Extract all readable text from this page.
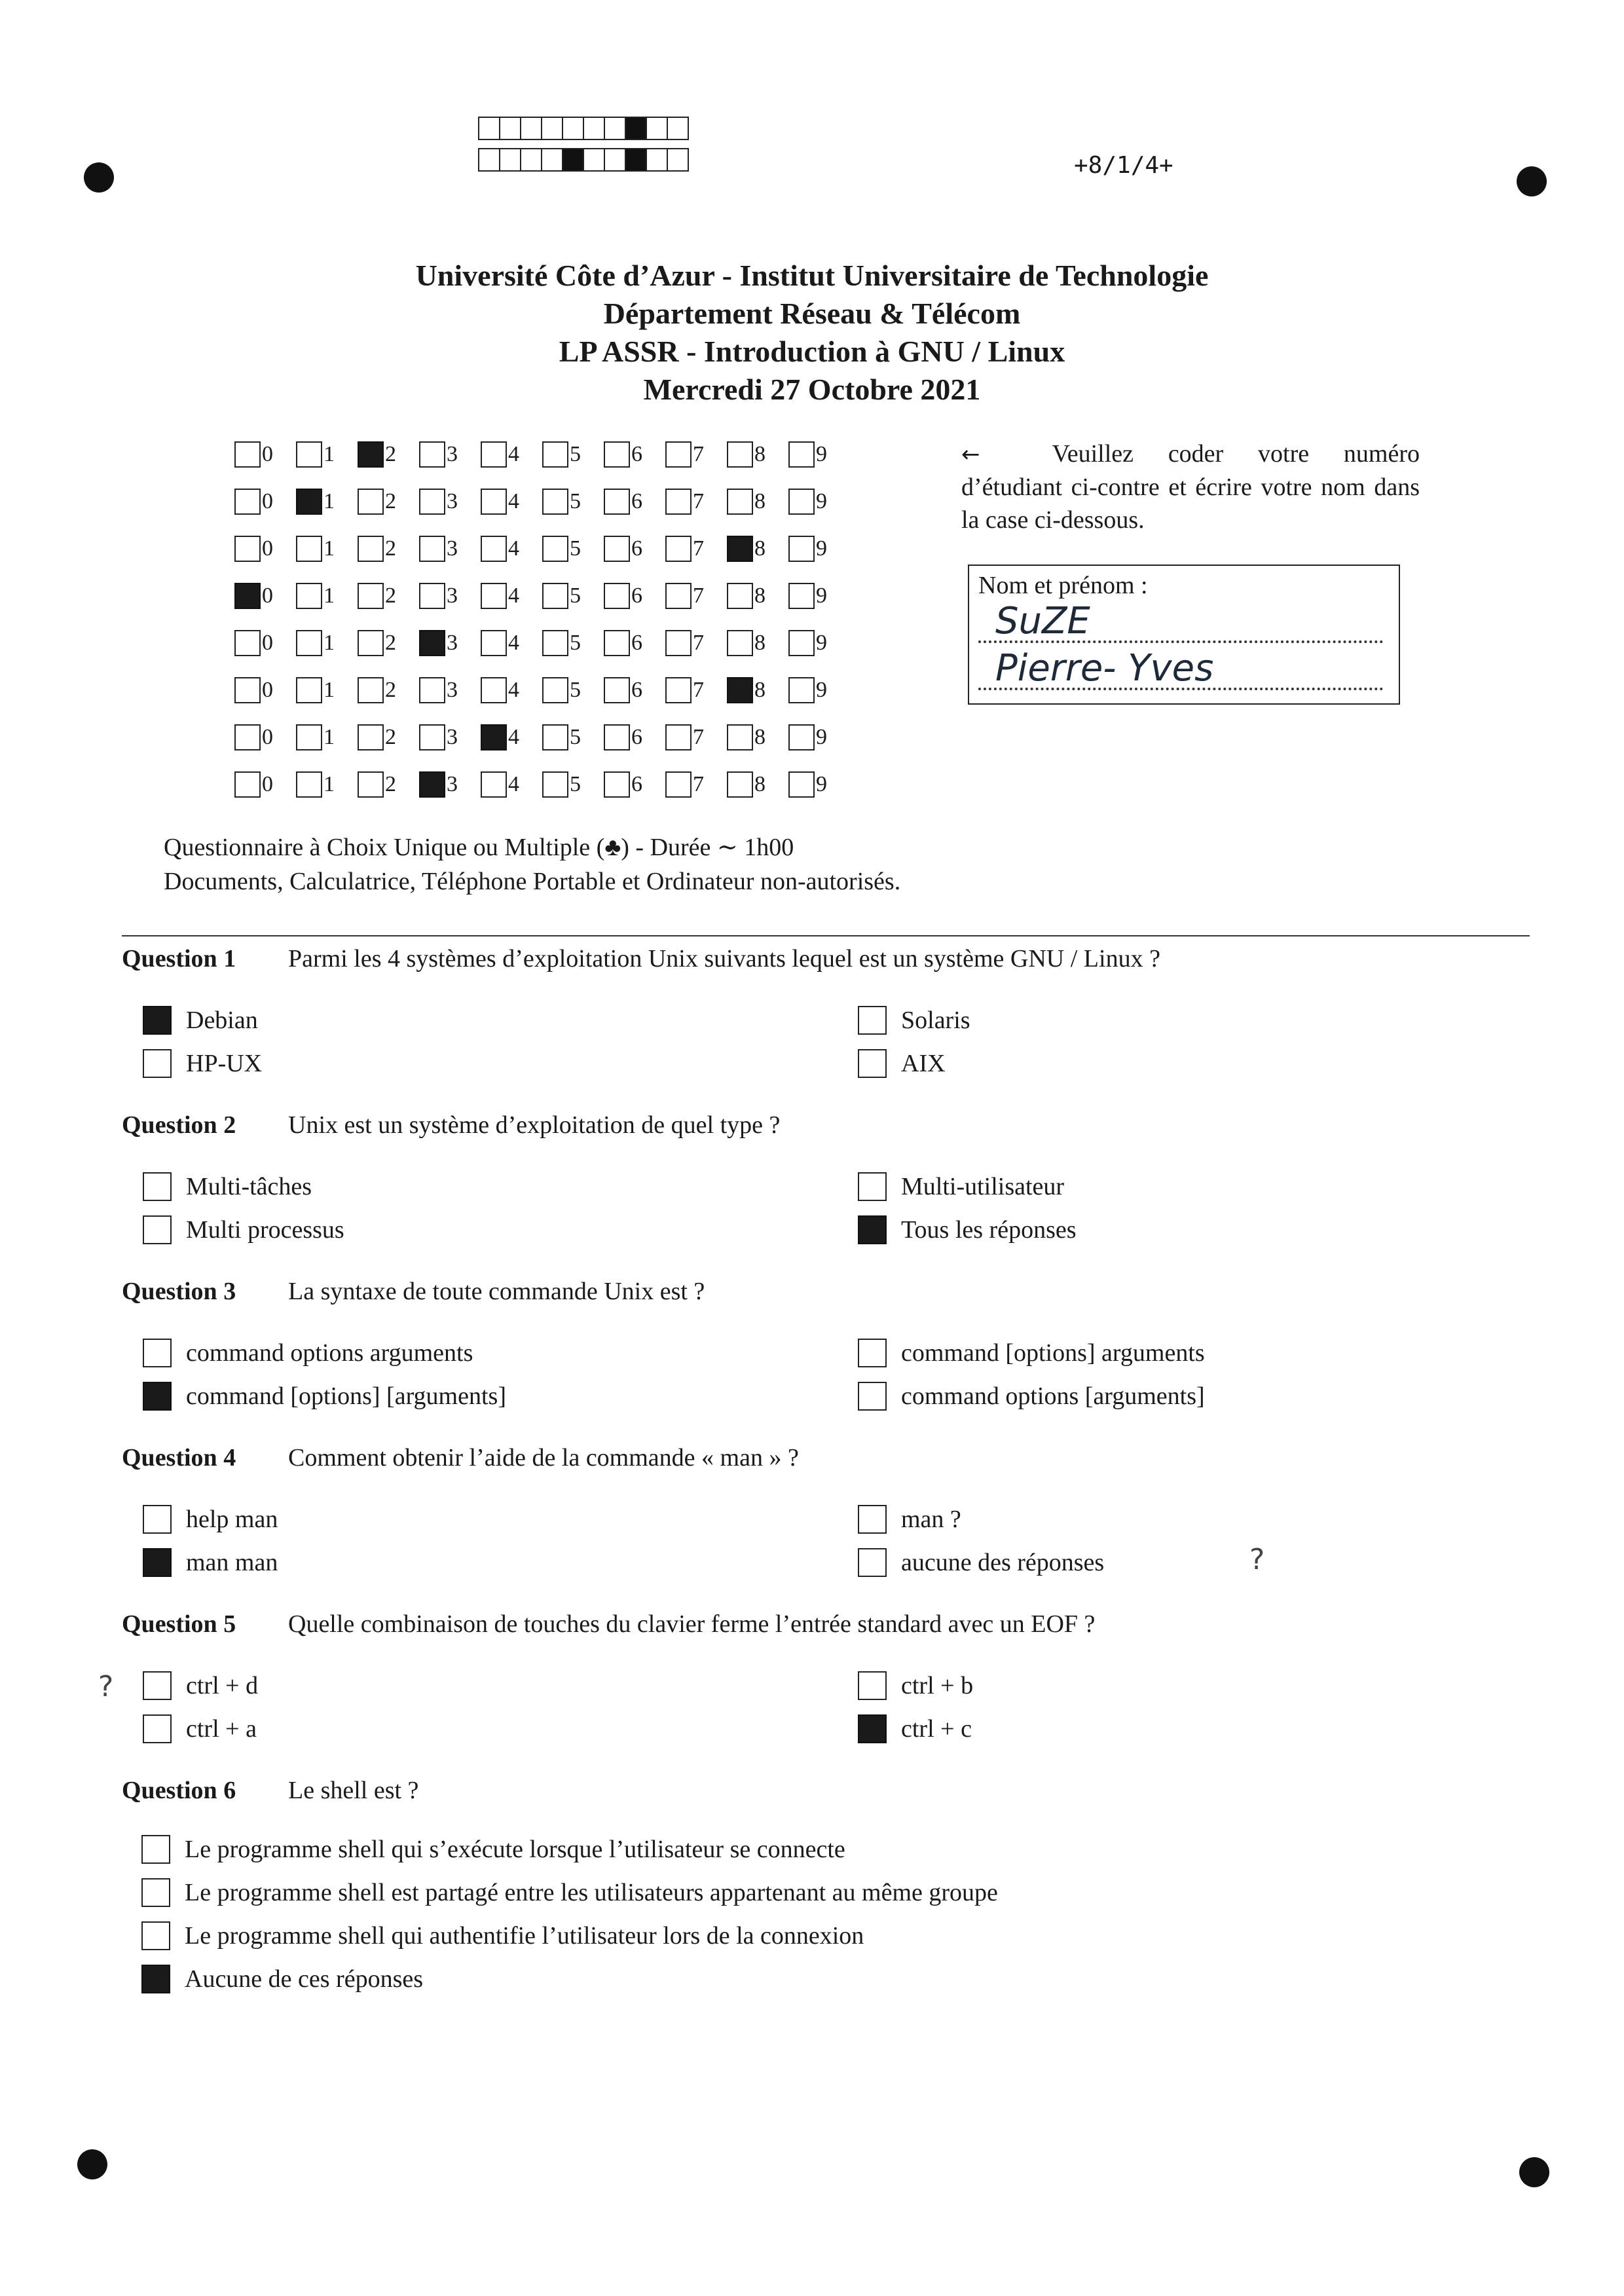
+8/1/4+
Université Côte d’Azur - Institut Universitaire de Technologie
Département Réseau & Télécom
LP ASSR - Introduction à GNU / Linux
Mercredi 27 Octobre 2021
0 1 2 3 4 5 6 7 8 9
0 1 2 3 4 5 6 7 8 9
0 1 2 3 4 5 6 7 8 9
0 1 2 3 4 5 6 7 8 9
0 1 2 3 4 5 6 7 8 9
0 1 2 3 4 5 6 7 8 9
0 1 2 3 4 5 6 7 8 9
0 1 2 3 4 5 6 7 8 9
←	Veuillez coder votre numéro d’étudiant ci-contre et écrire votre nom dans la case ci-dessous.
Nom et prénom :
SuZE
Pierre- Yves
Questionnaire à Choix Unique ou Multiple (♣) - Durée ∼ 1h00
Documents, Calculatrice, Téléphone Portable et Ordinateur non-autorisés.
Question 1 Parmi les 4 systèmes d’exploitation Unix suivants lequel est un système GNU / Linux ?
Debian
HP-UX
Solaris
AIX
Question 2 Unix est un système d’exploitation de quel type ?
Multi-tâches
Multi processus
Multi-utilisateur
Tous les réponses
Question 3 La syntaxe de toute commande Unix est ?
command options arguments
command [options] [arguments]
command [options] arguments
command options [arguments]
Question 4 Comment obtenir l’aide de la commande « man » ?
help man
man man
man ?
aucune des réponses
Question 5 Quelle combinaison de touches du clavier ferme l’entrée standard avec un EOF ?
ctrl + d
ctrl + a
ctrl + b
ctrl + c
Question 6 Le shell est ?
Le programme shell qui s’exécute lorsque l’utilisateur se connecte
Le programme shell est partagé entre les utilisateurs appartenant au même groupe
Le programme shell qui authentifie l’utilisateur lors de la connexion
Aucune de ces réponses
?
?
